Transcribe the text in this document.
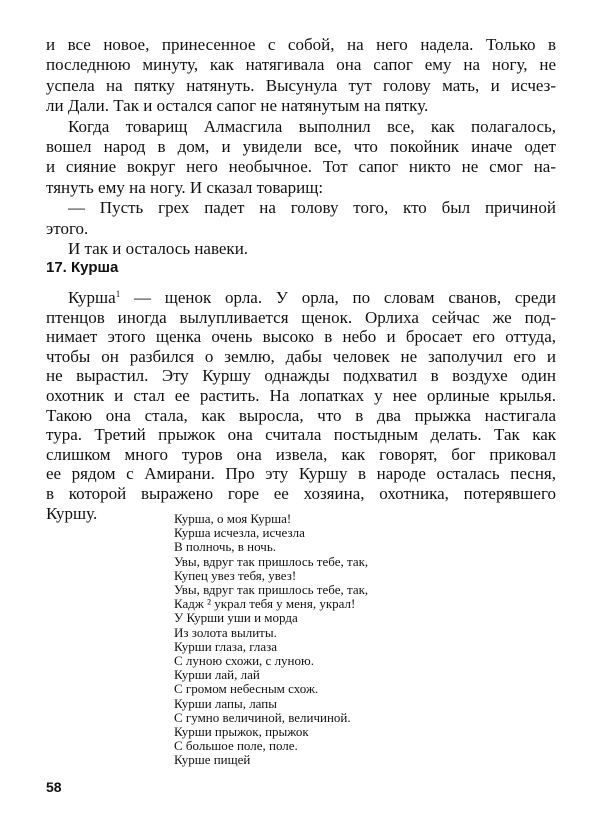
и все новое, принесенное с собой, на него надела. Только в
последнюю минуту, как натягивала она сапог ему на ногу, не
успела на пятку натянуть. Высунула тут голову мать, и исчез-
ли Дали. Так и остался сапог не натянутым на пятку.
Когда товарищ Алмасгила выполнил все, как полагалось,
вошел народ в дом, и увидели все, что покойник иначе одет
и сияние вокруг него необычное. Тот сапог никто не смог на-
тянуть ему на ногу. И сказал товарищ:
— Пусть грех падет на голову того, кто был причиной
этого.
И так и осталось навеки.
17. Курша
Курша$^1$ — щенок орла. У орла, по словам сванов, среди
птенцов иногда вылупливается щенок. Орлиха сейчас же под-
нимает этого щенка очень высоко в небо и бросает его оттуда,
чтобы он разбился о землю, дабы человек не заполучил его и
не вырастил. Эту Куршу однажды подхватил в воздухе один
охотник и стал ее растить. На лопатках у нее орлиные крылья.
Такою она стала, как выросла, что в два прыжка настигала
тура. Третий прыжок она считала постыдным делать. Так как
слишком много туров она извела, как говорят, бог приковал
ее рядом с Амирани. Про эту Куршу в народе осталась песня,
в которой выражено горе ее хозяина, охотника, потерявшего
Куршу.	Курша, о моя Курша!
Курша исчезла, исчезла
В полночь, в ночь.
Увы, вдруг так пришлось тебе, так,
Купец увез тебя, увез!
Увы, вдруг так пришлось тебе, так,
Кадж ² украл тебя у меня, украл!
У Курши уши и морда
Из золота вылиты.
Курши глаза, глаза
С луною схожи, с луною.
Курши лай, лай
С громом небесным схож.
Курши лапы, лапы
С гумно величиной, величиной.
Курши прыжок, прыжок
С большое поле, поле.
Курше пищей
58
